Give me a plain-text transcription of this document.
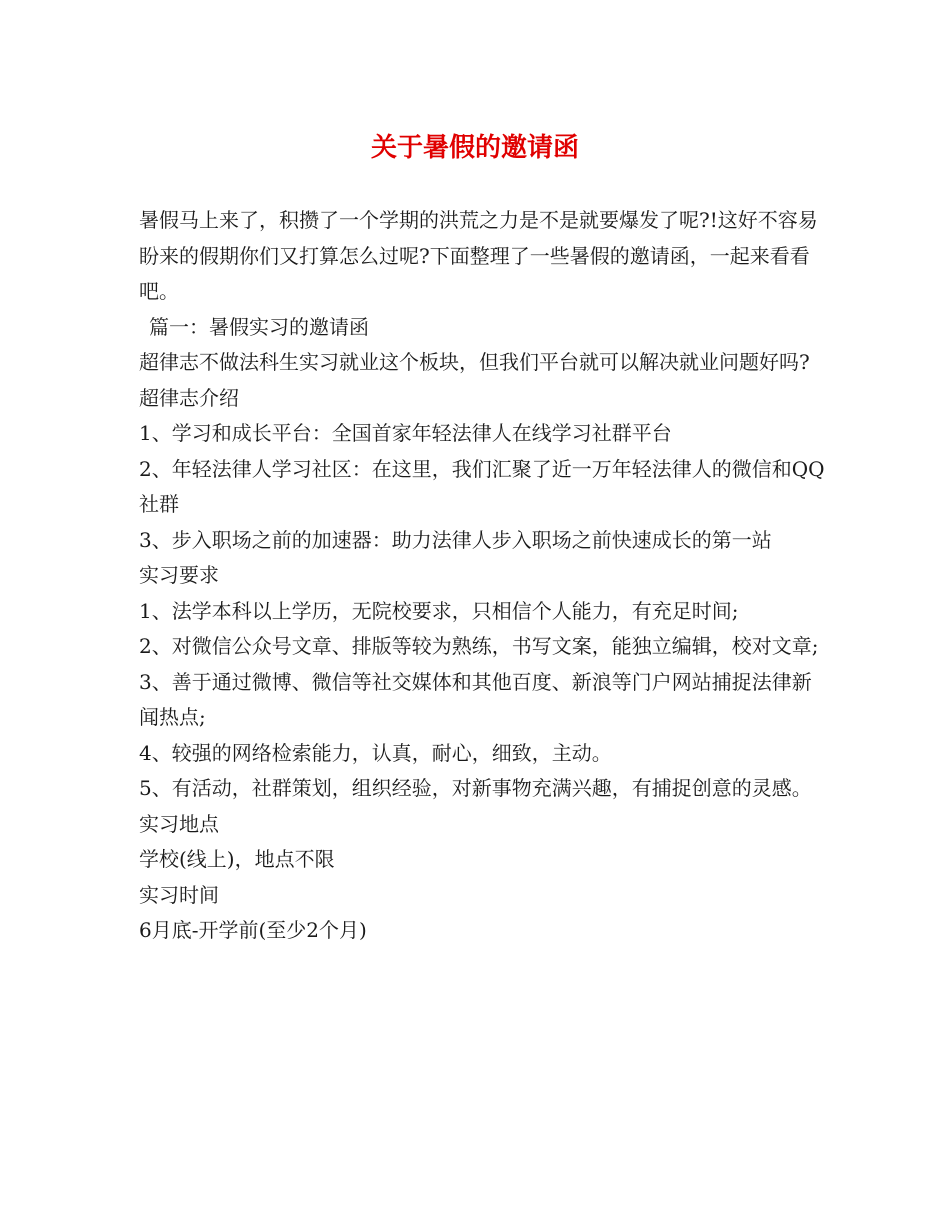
关于暑假的邀请函

暑假马上来了，积攒了一个学期的洪荒之力是不是就要爆发了呢?!这好不容易盼来的假期你们又打算怎么过呢?下面整理了一些暑假的邀请函，一起来看看吧。

篇一：暑假实习的邀请函

超律志不做法科生实习就业这个板块，但我们平台就可以解决就业问题好吗?

超律志介绍

1、学习和成长平台：全国首家年轻法律人在线学习社群平台

2、年轻法律人学习社区：在这里，我们汇聚了近一万年轻法律人的微信和QQ社群

3、步入职场之前的加速器：助力法律人步入职场之前快速成长的第一站

实习要求

1、法学本科以上学历，无院校要求，只相信个人能力，有充足时间;

2、对微信公众号文章、排版等较为熟练，书写文案，能独立编辑，校对文章;

3、善于通过微博、微信等社交媒体和其他百度、新浪等门户网站捕捉法律新闻热点;

4、较强的网络检索能力，认真，耐心，细致，主动。

5、有活动，社群策划，组织经验，对新事物充满兴趣，有捕捉创意的灵感。

实习地点

学校(线上)，地点不限

实习时间

6月底-开学前(至少2个月)
